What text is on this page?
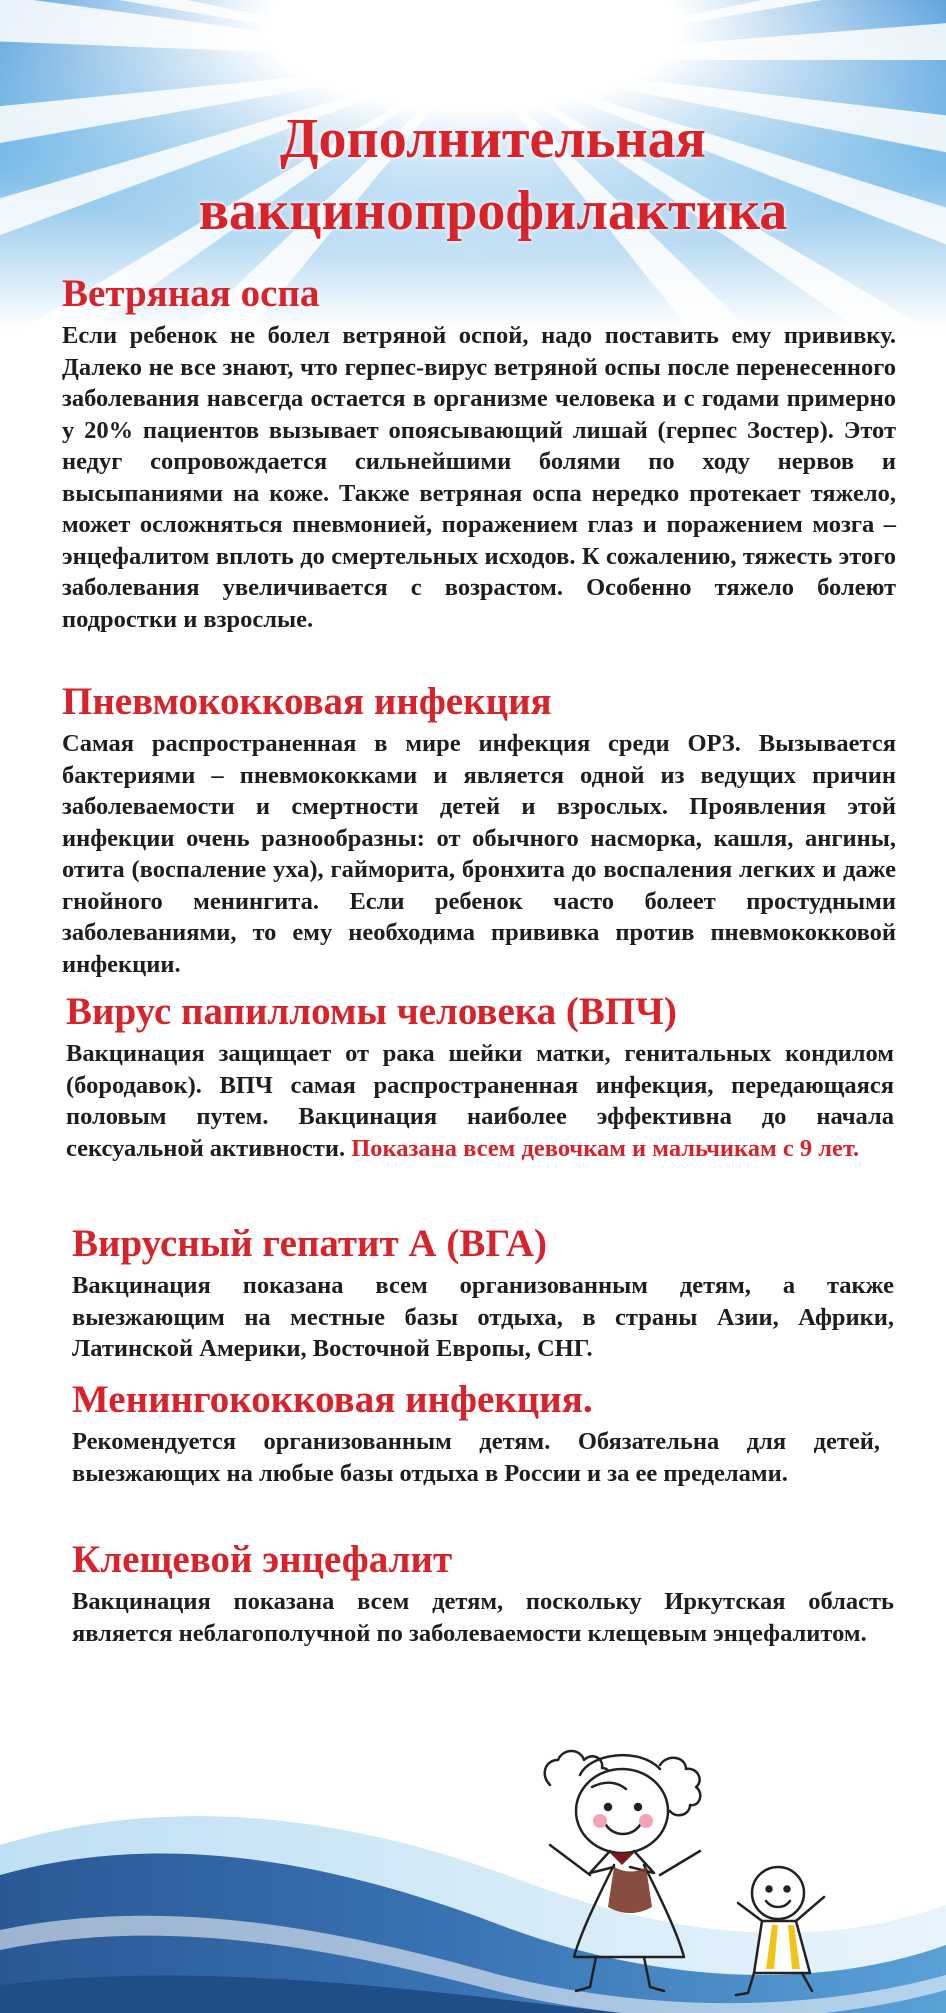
Дополнительная
вакцинопрофилактика
Ветряная оспа

Если ребенок не болел ветряной оспой, надо поставить ему прививку. Далеко не все знают, что герпес-вирус ветряной оспы после перенесенного заболевания навсегда остается в организме человека и с годами примерно у 20% пациентов вызывает опоясывающий лишай (герпес Зостер). Этот недуг сопровождается сильнейшими болями по ходу нервов и высыпаниями на коже. Также ветряная оспа нередко протекает тяжело, может осложняться пневмонией, поражением глаз и поражением мозга – энцефалитом вплоть до смертельных исходов. К сожалению, тяжесть этого заболевания увеличивается с возрастом. Особенно тяжело болеют подростки и взрослые.

Пневмококковая инфекция

Самая распространенная в мире инфекция среди ОРЗ. Вызывается бактериями – пневмококками и является одной из ведущих причин заболеваемости и смертности детей и взрослых. Проявления этой инфекции очень разнообразны: от обычного насморка, кашля, ангины, отита (воспаление уха), гайморита, бронхита до воспаления легких и даже гнойного менингита. Если ребенок часто болеет простудными заболеваниями, то ему необходима прививка против пневмококковой инфекции.

Вирус папилломы человека (ВПЧ)

Вакцинация защищает от рака шейки матки, генитальных кондилом (бородавок). ВПЧ самая распространенная инфекция, передающаяся половым путем. Вакцинация наиболее эффективна до начала сексуальной активности. Показана всем девочкам и мальчикам с 9 лет.

Вирусный гепатит А (ВГА)

Вакцинация показана всем организованным детям, а также выезжающим на местные базы отдыха, в страны Азии, Африки, Латинской Америки, Восточной Европы, СНГ.

Менингококковая инфекция.

Рекомендуется организованным детям. Обязательна для детей, выезжающих на любые базы отдыха в России и за ее пределами.

Клещевой энцефалит

Вакцинация показана всем детям, поскольку Иркутская область является неблагополучной по заболеваемости клещевым энцефалитом.
